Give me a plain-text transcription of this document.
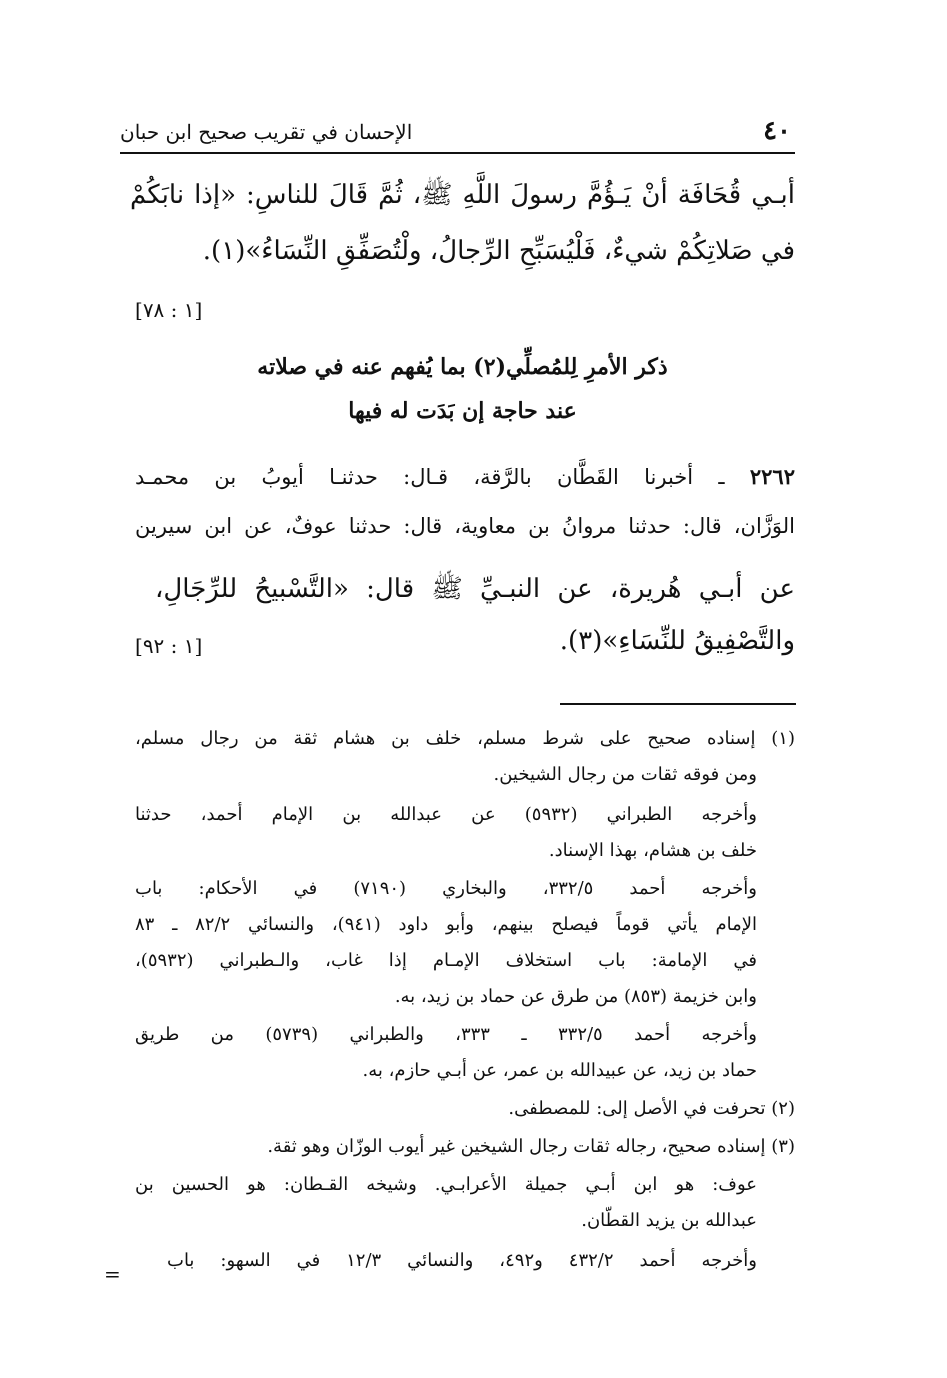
٤٠
الإحسان في تقريب صحيح ابن حبان
أبـي قُحَافَة أنْ يَـؤُمَّ رسولَ اللَّهِ ﷺ، ثُمَّ قَالَ للناسِ: «إذا نابَكُمْ
في صَلاتِكُمْ شيءٌ، فَلْيُسَبِّحِ الرِّجالُ، ولْتُصَفِّقِ النِّسَاءُ»(١).
[١ : ٧٨]
ذكر الأمرِ لِلمُصلِّي(٢) بما يُفهم عنه في صلاته
عند حاجة إن بَدَت له فيها
٢٢٦٢ ـ أخبرنا القَطَّان بالرَّقة، قـال: حدثنـا أيوبُ بن محمـد
الوَزَّان، قال: حدثنا مروانُ بن معاوية، قال: حدثنا عوفٌ، عن ابن سيرين
عن أبـي هُريرة، عن النبـيِّ ﷺ قال: «التَّسْبيحُ للرِّجَالِ،
والتَّصْفِيقُ للنِّسَاءِ»(٣).
[١ : ٩٢]
(١) إسناده صحيح على شرط مسلم، خلف بن هشام ثقة من رجال مسلم،
ومن فوقه ثقات من رجال الشيخين.
وأخرجه الطبراني (٥٩٣٢) عن عبدالله بن الإمام أحمد، حدثنا
خلف بن هشام، بهذا الإسناد.
وأخرجه أحمد ٣٣٢/٥، والبخاري (٧١٩٠) في الأحكام: باب
الإمام يأتي قوماً فيصلح بينهم، وأبو داود (٩٤١)، والنسائي ٨٢/٢ ـ ٨٣
في الإمامة: باب استخلاف الإمـام إذا غاب، والـطبراني (٥٩٣٢)،
وابن خزيمة (٨٥٣) من طرق عن حماد بن زيد، به.
وأخرجه أحمد ٣٣٢/٥ ـ ٣٣٣، والطبراني (٥٧٣٩) من طريق
حماد بن زيد، عن عبيدالله بن عمر، عن أبـي حازم، به.
(٢) تحرفت في الأصل إلى: للمصطفى.
(٣) إسناده صحيح، رجاله ثقات رجال الشيخين غير أيوب الوزّان وهو ثقة.
عوف: هو ابن أبـي جميلة الأعرابـي. وشيخه القـطان: هو الحسين بن
عبدالله بن يزيد القطّان.
وأخرجه أحمد ٤٣٢/٢ و٤٩٢، والنسائي ١٢/٣ في السهو: باب
=
